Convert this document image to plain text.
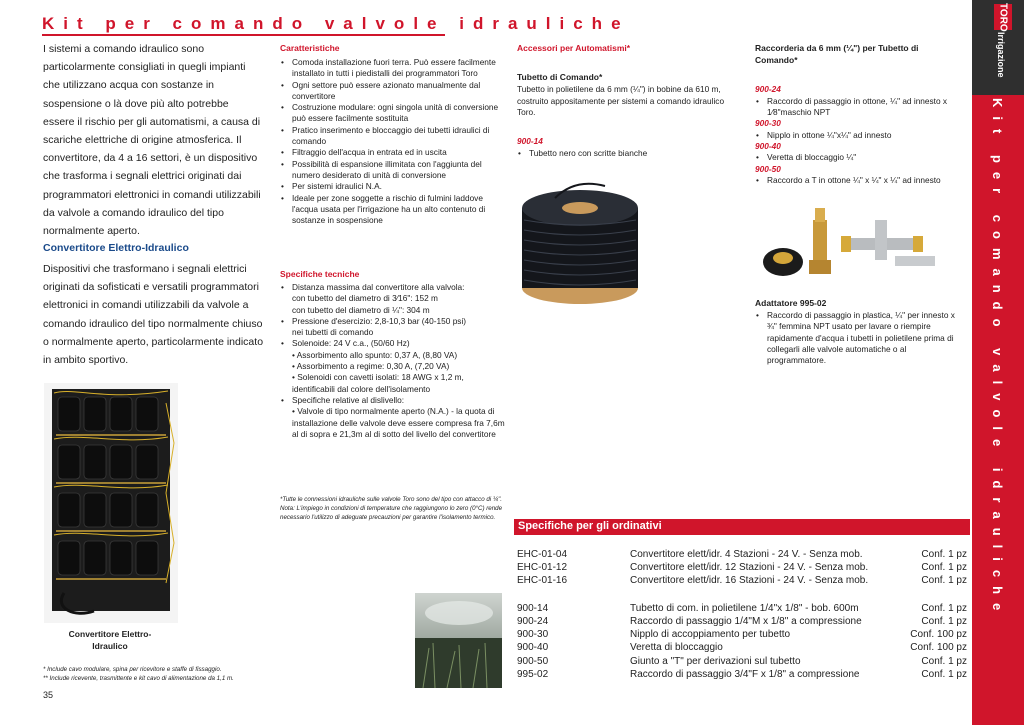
Kit per comando valvole idrauliche	TORO
Irrigazione
Kit per comando valvole idrauliche

I sistemi a comando idraulico sono particolarmente consigliati in quegli impianti che utilizzano acqua con sostanze in sospensione o là dove più alto potrebbe essere il rischio per gli automatismi, a causa di scariche elettriche di origine atmosferica. Il convertitore, da 4 a 16 settori, è un dispositivo che trasforma i segnali elettrici originati dai programmatori elettronici in comandi utilizzabili da valvole a comando idraulico del tipo normalmente aperto.

Convertitore Elettro-Idraulico

Dispositivi che trasformano i segnali elettrici originati da sofisticati e versatili programmatori elettronici in comandi utilizzabili da valvole a comando idraulico del tipo normalmente chiuso o normalmente aperto, particolarmente indicato in ambito sportivo.

Convertitore Elettro-Idraulico
* Include cavo modulare, spina per ricevitore e staffe di fissaggio.
** Include ricevente, trasmittente e kit cavo di alimentazione da 1,1 m.
35
Caratteristiche
• Comoda installazione fuori terra. Può essere facilmente installato in tutti i piedistalli dei programmatori Toro
• Ogni settore può essere azionato manualmente dal convertitore
• Costruzione modulare: ogni singola unità di conversione può essere facilmente sostituita
• Pratico inserimento e bloccaggio dei tubetti idraulici di comando
• Filtraggio dell'acqua in entrata ed in uscita
• Possibilità di espansione illimitata con l'aggiunta del numero desiderato di unità di conversione
• Per sistemi idraulici N.A.
• Ideale per zone soggette a rischio di fulmini laddove l'acqua usata per l'irrigazione ha un alto contenuto di sostanze in sospensione
Specifiche tecniche
• Distanza massima dal convertitore alla valvola:
con tubetto del diametro di 3⁄16": 152 m
con tubetto del diametro di ¼": 304 m
• Pressione d'esercizio: 2,8-10,3 bar (40-150 psi)
nei tubetti di comando
• Solenoide: 24 V c.a., (50/60 Hz)
• Assorbimento allo spunto: 0,37 A, (8,80 VA)
• Assorbimento a regime: 0,30 A, (7,20 VA)
• Solenoidi con cavetti isolati: 18 AWG x 1,2 m, identificabili dal colore dell'isolamento
• Specifiche relative al dislivello:
• Valvole di tipo normalmente aperto (N.A.) - la quota di installazione delle valvole deve essere compresa fra 7,6m al di sopra e 21,3m al di sotto del livello del convertitore

*Tutte le connessioni idrauliche sulle valvole Toro sono del tipo con attacco di ¼". Nota: L'impiego in condizioni di temperature che raggiungono lo zero (0°C) rende necessario l'utilizzo di adeguate precauzioni per garantire l'isolamento termico.

Accessori per Automatismi*
Tubetto di Comando*

Tubetto in polietilene da 6 mm (¼") in bobine da 610 m, costruito appositamente per sistemi a comando idraulico Toro.

900-14
• Tubetto nero con scritte bianche
Raccorderia da 6 mm (¼") per Tubetto di Comando*
900-24
• Raccordo di passaggio in ottone, ¼" ad innesto x 1⁄8"maschio NPT
900-30
• Nipplo in ottone ¼"x¼" ad innesto
900-40
• Veretta di bloccaggio ¼"
900-50
• Raccordo a T in ottone ¼" x ¼" x ¼" ad innesto
Adattatore 995-02
• Raccordo di passaggio in plastica, ¼" per innesto x ¾" femmina NPT usato per lavare o riempire rapidamente d'acqua i tubetti in polietilene prima di collegarli alle valvole automatiche o al programmatore.
Specifiche per gli ordinativi
EHC-01-04	Convertitore elett/idr. 4 Stazioni - 24 V. - Senza mob.	Conf. 1 pz
EHC-01-12	Convertitore elett/idr. 12 Stazioni - 24 V. - Senza mob.	Conf. 1 pz
EHC-01-16	Convertitore elett/idr. 16 Stazioni - 24 V. - Senza mob.	Conf. 1 pz
900-14	Tubetto di com. in polietilene 1/4"x 1/8" - bob. 600m	Conf. 1 pz
900-24	Raccordo di passaggio 1/4"M x 1/8" a compressione	Conf. 1 pz
900-30	Nipplo di accoppiamento per tubetto	Conf. 100 pz
900-40	Veretta di bloccaggio	Conf. 100 pz
900-50	Giunto a "T" per derivazioni sul tubetto	Conf. 1 pz
995-02	Raccordo di passaggio 3/4"F x 1/8" a compressione	Conf. 1 pz
